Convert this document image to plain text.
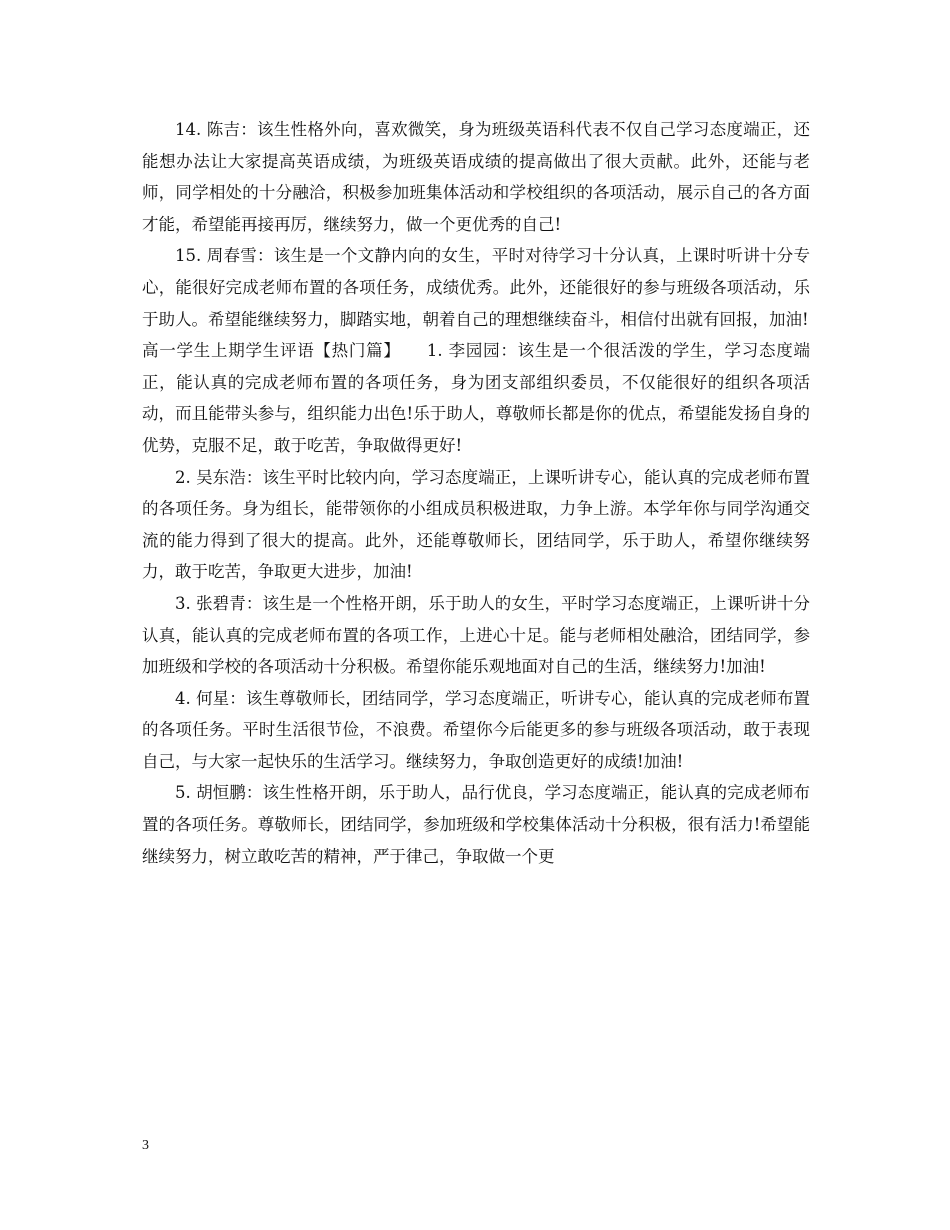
14. 陈吉：该生性格外向，喜欢微笑，身为班级英语科代表不仅自己学习态度端正，还能想办法让大家提高英语成绩，为班级英语成绩的提高做出了很大贡献。此外，还能与老师，同学相处的十分融洽，积极参加班集体活动和学校组织的各项活动，展示自己的各方面才能，希望能再接再厉，继续努力，做一个更优秀的自己!

15. 周春雪：该生是一个文静内向的女生，平时对待学习十分认真，上课时听讲十分专心，能很好完成老师布置的各项任务，成绩优秀。此外，还能很好的参与班级各项活动，乐于助人。希望能继续努力，脚踏实地，朝着自己的理想继续奋斗，相信付出就有回报，加油!

高一学生上期学生评语【热门篇】　　1. 李园园：该生是一个很活泼的学生，学习态度端正，能认真的完成老师布置的各项任务，身为团支部组织委员，不仅能很好的组织各项活动，而且能带头参与，组织能力出色!乐于助人，尊敬师长都是你的优点，希望能发扬自身的优势，克服不足，敢于吃苦，争取做得更好!

2. 吴东浩：该生平时比较内向，学习态度端正，上课听讲专心，能认真的完成老师布置的各项任务。身为组长，能带领你的小组成员积极进取，力争上游。本学年你与同学沟通交流的能力得到了很大的提高。此外，还能尊敬师长，团结同学，乐于助人，希望你继续努力，敢于吃苦，争取更大进步，加油!

3. 张碧青：该生是一个性格开朗，乐于助人的女生，平时学习态度端正，上课听讲十分认真，能认真的完成老师布置的各项工作，上进心十足。能与老师相处融洽，团结同学，参加班级和学校的各项活动十分积极。希望你能乐观地面对自己的生活，继续努力!加油!

4. 何星：该生尊敬师长，团结同学，学习态度端正，听讲专心，能认真的完成老师布置的各项任务。平时生活很节俭，不浪费。希望你今后能更多的参与班级各项活动，敢于表现自己，与大家一起快乐的生活学习。继续努力，争取创造更好的成绩!加油!

5. 胡恒鹏：该生性格开朗，乐于助人，品行优良，学习态度端正，能认真的完成老师布置的各项任务。尊敬师长，团结同学，参加班级和学校集体活动十分积极，很有活力!希望能继续努力，树立敢吃苦的精神，严于律己，争取做一个更

3
